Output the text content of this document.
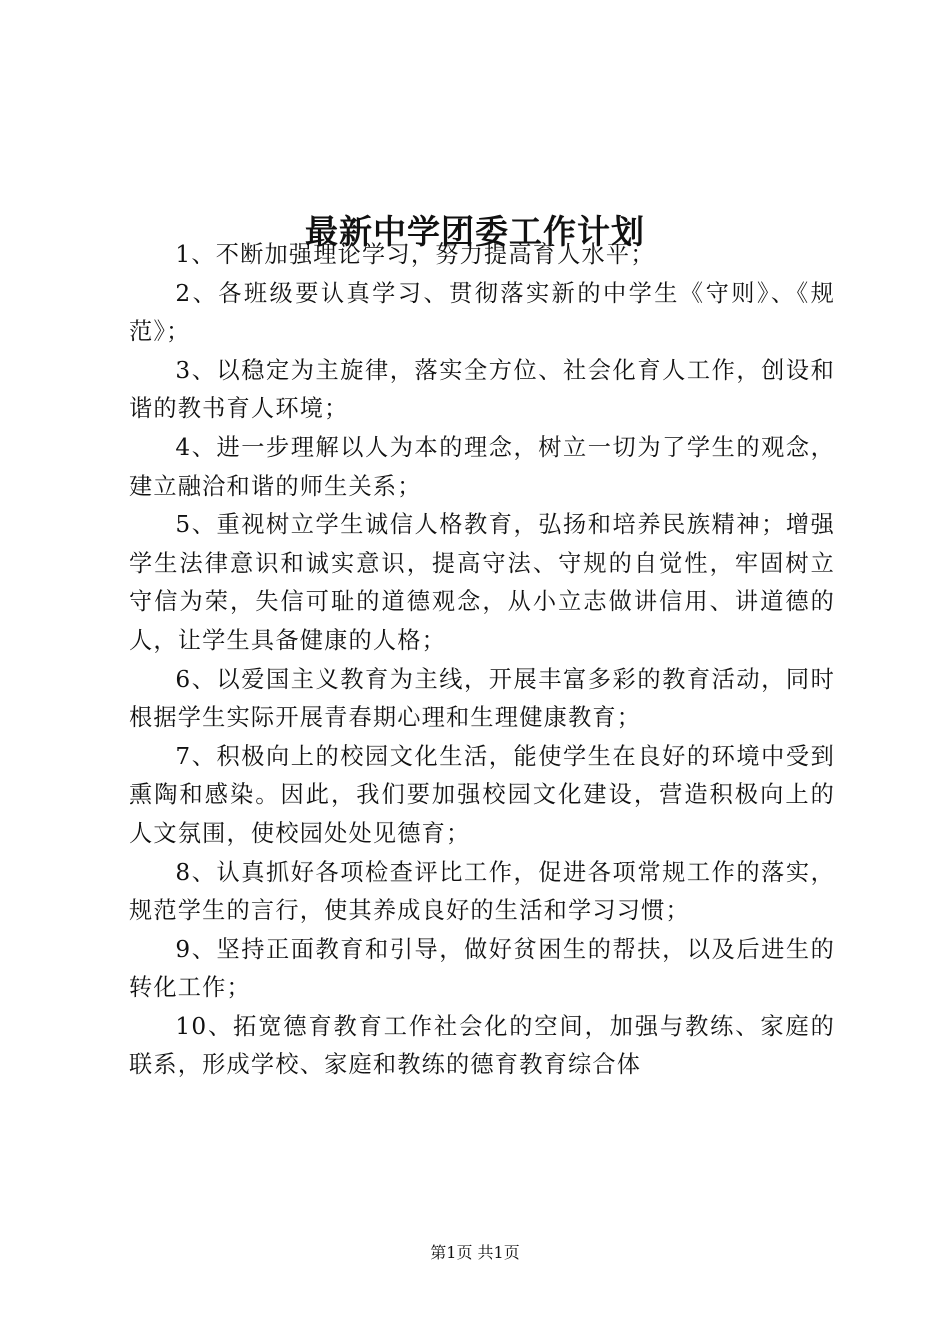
最新中学团委工作计划

1、不断加强理论学习，努力提高育人水平；

2、各班级要认真学习、贯彻落实新的中学生《守则》、《规范》；

3、以稳定为主旋律，落实全方位、社会化育人工作，创设和谐的教书育人环境；

4、进一步理解以人为本的理念，树立一切为了学生的观念，建立融洽和谐的师生关系；

5、重视树立学生诚信人格教育，弘扬和培养民族精神；增强学生法律意识和诚实意识，提高守法、守规的自觉性，牢固树立守信为荣，失信可耻的道德观念，从小立志做讲信用、讲道德的人，让学生具备健康的人格；

6、以爱国主义教育为主线，开展丰富多彩的教育活动，同时根据学生实际开展青春期心理和生理健康教育；

7、积极向上的校园文化生活，能使学生在良好的环境中受到熏陶和感染。因此，我们要加强校园文化建设，营造积极向上的人文氛围，使校园处处见德育；

8、认真抓好各项检查评比工作，促进各项常规工作的落实，规范学生的言行，使其养成良好的生活和学习习惯；

9、坚持正面教育和引导，做好贫困生的帮扶，以及后进生的转化工作；

10、拓宽德育教育工作社会化的空间，加强与教练、家庭的联系，形成学校、家庭和教练的德育教育综合体

第1页 共1页
